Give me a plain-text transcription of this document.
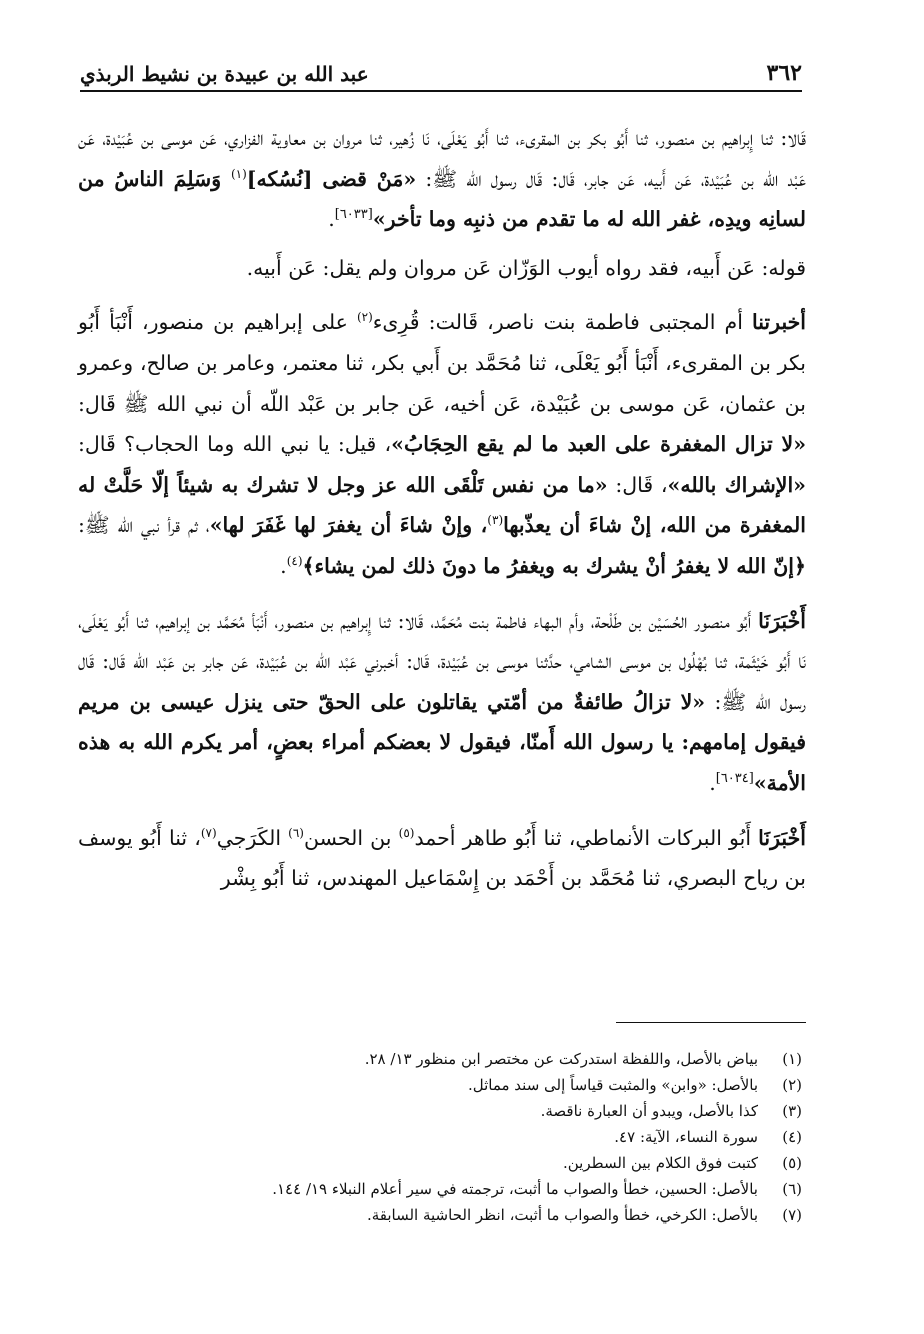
٣٦٢
عبد الله بن عبيدة بن نشيط الربذي

قَالا: ثنا إِبراهيم بن منصور، ثنا أَبُو بكر بن المقرىء، ثنا أَبُو يَعْلَى، نَا زُهير، ثنا مروان بن معاوية الفزاري، عَن موسى بن عُبَيْدة، عَن عَبْد اللّه بن عُبَيْدة، عَن أَبيه، عَن جابر، قَال: قَال رسول الله ﷺ: «مَنْ قضى [نُسُكه]$^{(١)}$ وَسَلِمَ الناسُ من لسانِه ويدِه، غفر الله له ما تقدم من ذنبِه وما تأخر»[٦٠٣٣].

قوله: عَن أَبيه، فقد رواه أيوب الوَزّان عَن مروان ولم يقل: عَن أَبيه.

أخبرتنا أم المجتبى فاطمة بنت ناصر، قَالت: قُرِىء$^{(٢)}$ على إبراهيم بن منصور، أَنْبَأ أَبُو بكر بن المقرىء، أَنْبَأ أَبُو يَعْلَى، ثنا مُحَمَّد بن أَبي بكر، ثنا معتمر، وعامر بن صالح، وعمرو بن عثمان، عَن موسى بن عُبَيْدة، عَن أخيه، عَن جابر بن عَبْد اللّه أن نبي الله ﷺ قَال: «لا تزال المغفرة على العبد ما لم يقع الحِجَابُ»، قيل: يا نبي الله وما الحجاب؟ قَال: «الإشراك بالله»، قَال: «ما من نفس تَلْقَى الله عز وجل لا تشرك به شيئاً إلّا حَلَّتْ له المغفرة من الله، إنْ شاءَ أن يعذّبها$^{(٣)}$، وإنْ شاءَ أن يغفرَ لها غَفَرَ لها»، ثم قرأ نبي الله ﷺ: ﴿إنّ الله لا يغفرُ أنْ يشرك به ويغفرُ ما دونَ ذلك لمن يشاء﴾$^{(٤)}$.

أَخْبَرَنَا أَبُو منصور الحُسَيْن بن طَلْحة، وأم البهاء فاطمة بنت مُحَمَّد، قَالا: ثنا إِبراهيم بن منصور، أَنْبَأ مُحَمَّد بن إبراهيم، ثنا أَبُو يَعْلَى، نَا أَبُو خَيْثَمة، ثنا بُهْلُول بن موسى الشامي، حدَّثنا موسى بن عُبَيْدة، قَال: أخبرني عَبْد اللّه بن عُبَيْدة، عَن جابر بن عَبْد اللّه قَال: قَال رسول الله ﷺ: «لا تزالُ طائفةٌ من أمّتي يقاتلون على الحقّ حتى ينزل عيسى بن مريم فيقول إمامهم: يا رسول الله أَمنّا، فيقول لا بعضكم أمراء بعضٍ، أمر يكرم الله به هذه الأمة»[٦٠٣٤].

أَخْبَرَنَا أَبُو البركات الأنماطي، ثنا أَبُو طاهر أحمد$^{(٥)}$ بن الحسن$^{(٦)}$ الكَرَجي$^{(٧)}$، ثنا أَبُو يوسف بن رياح البصري، ثنا مُحَمَّد بن أَحْمَد بن إِسْمَاعيل المهندس، ثنا أَبُو بِشْر

(١)
بياض بالأصل، واللفظة استدركت عن مختصر ابن منظور ١٣/ ٢٨.
(٢)
بالأصل: «وابن» والمثبت قياساً إلى سند مماثل.
(٣)
كذا بالأصل، ويبدو أن العبارة ناقصة.
(٤)
سورة النساء، الآية: ٤٧.
(٥)
كتبت فوق الكلام بين السطرين.
(٦)
بالأصل: الحسين، خطأ والصواب ما أثبت، ترجمته في سير أعلام النبلاء ١٩/ ١٤٤.
(٧)
بالأصل: الكرخي، خطأ والصواب ما أثبت، انظر الحاشية السابقة.
